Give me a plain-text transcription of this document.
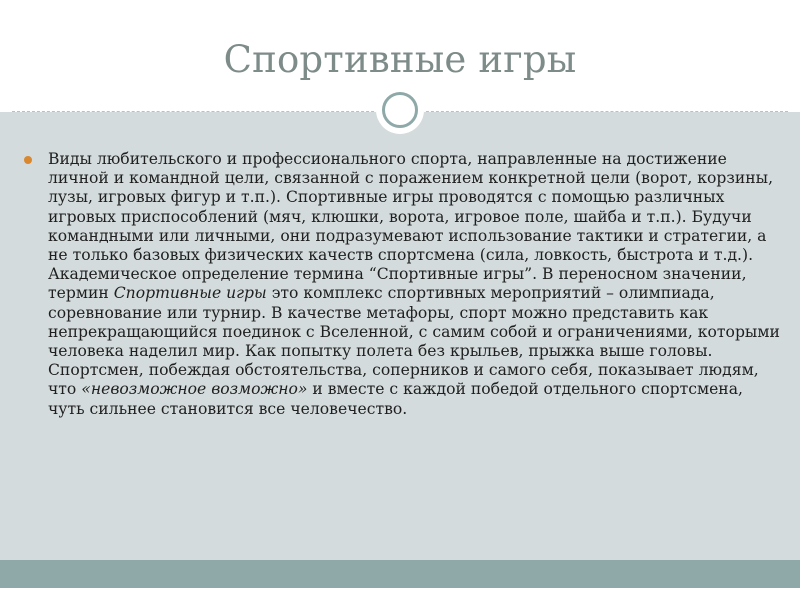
Спортивные игры

Виды любительского и профессионального спорта, направленные на достижение личной и командной цели, связанной с поражением конкретной цели (ворот, корзины, лузы, игровых фигур и т.п.). Спортивные игры проводятся с помощью различных игровых приспособлений (мяч, клюшки, ворота, игровое поле, шайба и т.п.). Будучи командными или личными, они подразумевают использование тактики и стратегии, а не только базовых физических качеств спортсмена (сила, ловкость, быстрота и т.д.). Академическое определение термина “Спортивные игры”. В переносном значении, термин Спортивные игры это комплекс спортивных мероприятий – олимпиада, соревнование или турнир. В качестве метафоры, спорт можно представить как непрекращающийся поединок с Вселенной, с самим собой и ограничениями, которыми человека наделил мир. Как попытку полета без крыльев, прыжка выше головы. Спортсмен, побеждая обстоятельства, соперников и самого себя, показывает людям, что «невозможное возможно» и вместе с каждой победой отдельного спортсмена, чуть сильнее становится все человечество.
